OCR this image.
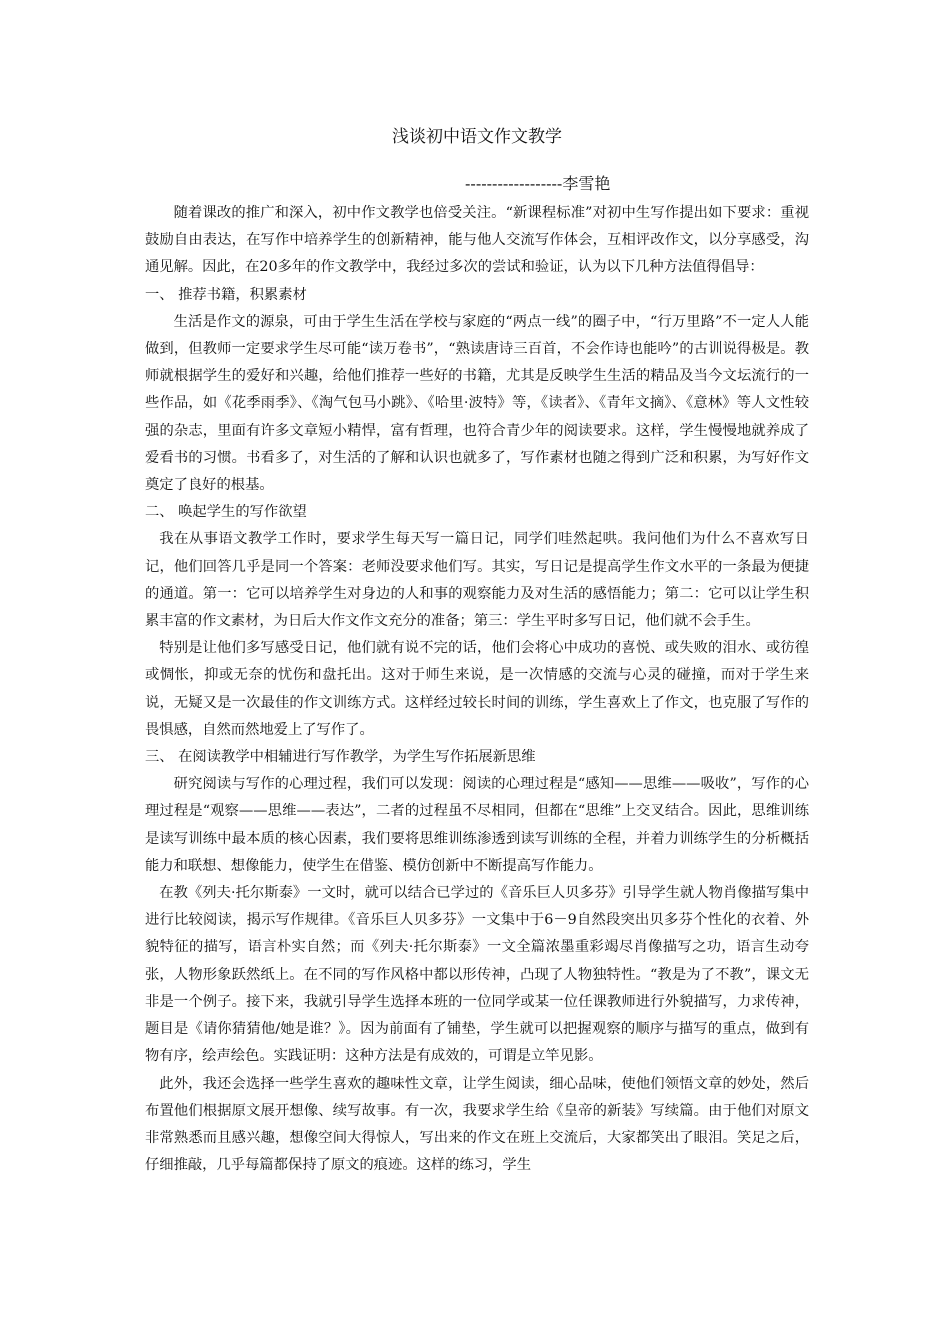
浅谈初中语文作文教学
------------------李雪艳

随着课改的推广和深入，初中作文教学也倍受关注。“新课程标准”对初中生写作提出如下要求：重视鼓励自由表达，在写作中培养学生的创新精神，能与他人交流写作体会，互相评改作文，以分享感受，沟通见解。因此，在20多年的作文教学中，我经过多次的尝试和验证，认为以下几种方法值得倡导：

一、 推荐书籍，积累素材

生活是作文的源泉，可由于学生生活在学校与家庭的“两点一线”的圈子中，“行万里路”不一定人人能做到，但教师一定要求学生尽可能“读万卷书”，“熟读唐诗三百首，不会作诗也能吟”的古训说得极是。教师就根据学生的爱好和兴趣，给他们推荐一些好的书籍，尤其是反映学生生活的精品及当今文坛流行的一些作品，如《花季雨季》、《淘气包马小跳》、《哈里·波特》等，《读者》、《青年文摘》、《意林》等人文性较强的杂志，里面有许多文章短小精悍，富有哲理，也符合青少年的阅读要求。这样，学生慢慢地就养成了爱看书的习惯。书看多了，对生活的了解和认识也就多了，写作素材也随之得到广泛和积累，为写好作文奠定了良好的根基。

二、 唤起学生的写作欲望

我在从事语文教学工作时，要求学生每天写一篇日记，同学们哇然起哄。我问他们为什么不喜欢写日记，他们回答几乎是同一个答案：老师没要求他们写。其实，写日记是提高学生作文水平的一条最为便捷的通道。第一：它可以培养学生对身边的人和事的观察能力及对生活的感悟能力；第二：它可以让学生积累丰富的作文素材，为日后大作文作文充分的准备；第三：学生平时多写日记，他们就不会手生。

特别是让他们多写感受日记，他们就有说不完的话，他们会将心中成功的喜悦、或失败的泪水、或彷徨或惆怅，抑或无奈的忧伤和盘托出。这对于师生来说，是一次情感的交流与心灵的碰撞，而对于学生来说，无疑又是一次最佳的作文训练方式。这样经过较长时间的训练，学生喜欢上了作文，也克服了写作的畏惧感，自然而然地爱上了写作了。

三、 在阅读教学中相辅进行写作教学，为学生写作拓展新思维

研究阅读与写作的心理过程，我们可以发现：阅读的心理过程是“感知——思维——吸收”，写作的心理过程是“观察——思维——表达”，二者的过程虽不尽相同，但都在“思维”上交叉结合。因此，思维训练是读写训练中最本质的核心因素，我们要将思维训练渗透到读写训练的全程，并着力训练学生的分析概括能力和联想、想像能力，使学生在借鉴、模仿创新中不断提高写作能力。

在教《列夫·托尔斯泰》一文时，就可以结合已学过的《音乐巨人贝多芬》引导学生就人物肖像描写集中进行比较阅读，揭示写作规律。《音乐巨人贝多芬》一文集中于6－9自然段突出贝多芬个性化的衣着、外貌特征的描写，语言朴实自然；而《列夫·托尔斯泰》一文全篇浓墨重彩竭尽肖像描写之功，语言生动夸张，人物形象跃然纸上。在不同的写作风格中都以形传神，凸现了人物独特性。“教是为了不教”，课文无非是一个例子。接下来，我就引导学生选择本班的一位同学或某一位任课教师进行外貌描写，力求传神，题目是《请你猜猜他/她是谁？》。因为前面有了铺垫，学生就可以把握观察的顺序与描写的重点，做到有物有序，绘声绘色。实践证明：这种方法是有成效的，可谓是立竿见影。

此外，我还会选择一些学生喜欢的趣味性文章，让学生阅读，细心品味，使他们领悟文章的妙处，然后布置他们根据原文展开想像、续写故事。有一次，我要求学生给《皇帝的新装》写续篇。由于他们对原文非常熟悉而且感兴趣，想像空间大得惊人，写出来的作文在班上交流后，大家都笑出了眼泪。笑足之后，仔细推敲，几乎每篇都保持了原文的痕迹。这样的练习，学生
